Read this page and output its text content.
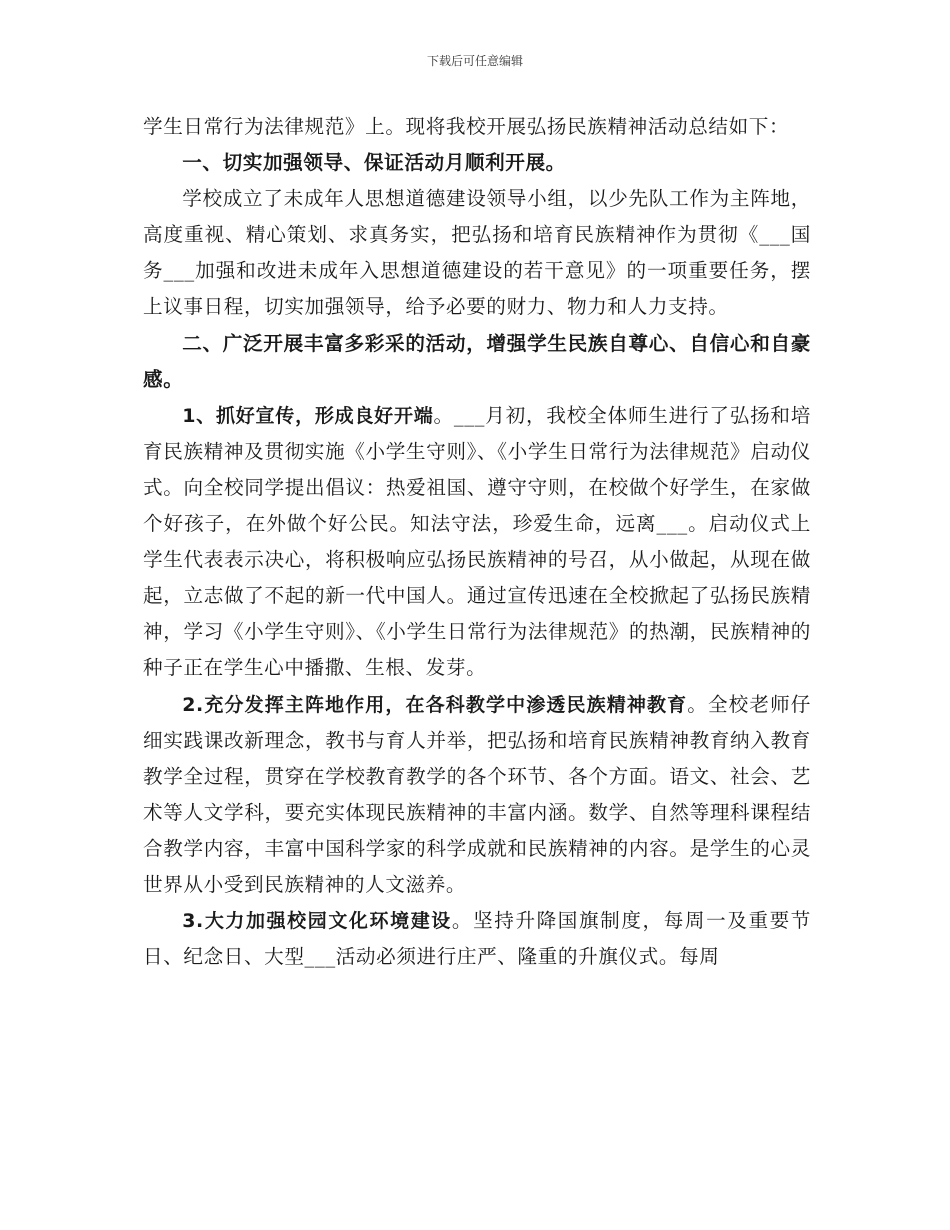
下载后可任意编辑

学生日常行为法律规范》上。现将我校开展弘扬民族精神活动总结如下：

一、切实加强领导、保证活动月顺利开展。

学校成立了未成年人思想道德建设领导小组，以少先队工作为主阵地，高度重视、精心策划、求真务实，把弘扬和培育民族精神作为贯彻《___国务___加强和改进未成年入思想道德建设的若干意见》的一项重要任务，摆上议事日程，切实加强领导，给予必要的财力、物力和人力支持。

二、广泛开展丰富多彩采的活动，增强学生民族自尊心、自信心和自豪感。

1、抓好宣传，形成良好开端。___月初，我校全体师生进行了弘扬和培育民族精神及贯彻实施《小学生守则》、《小学生日常行为法律规范》启动仪式。向全校同学提出倡议：热爱祖国、遵守守则，在校做个好学生，在家做个好孩子，在外做个好公民。知法守法，珍爱生命，远离___。启动仪式上学生代表表示决心，将积极响应弘扬民族精神的号召，从小做起，从现在做起，立志做了不起的新一代中国人。通过宣传迅速在全校掀起了弘扬民族精神，学习《小学生守则》、《小学生日常行为法律规范》的热潮，民族精神的种子正在学生心中播撒、生根、发芽。

2.充分发挥主阵地作用，在各科教学中渗透民族精神教育。全校老师仔细实践课改新理念，教书与育人并举，把弘扬和培育民族精神教育纳入教育教学全过程，贯穿在学校教育教学的各个环节、各个方面。语文、社会、艺术等人文学科，要充实体现民族精神的丰富内涵。数学、自然等理科课程结合教学内容，丰富中国科学家的科学成就和民族精神的内容。是学生的心灵世界从小受到民族精神的人文滋养。

3.大力加强校园文化环境建设。坚持升降国旗制度，每周一及重要节日、纪念日、大型___活动必须进行庄严、隆重的升旗仪式。每周
